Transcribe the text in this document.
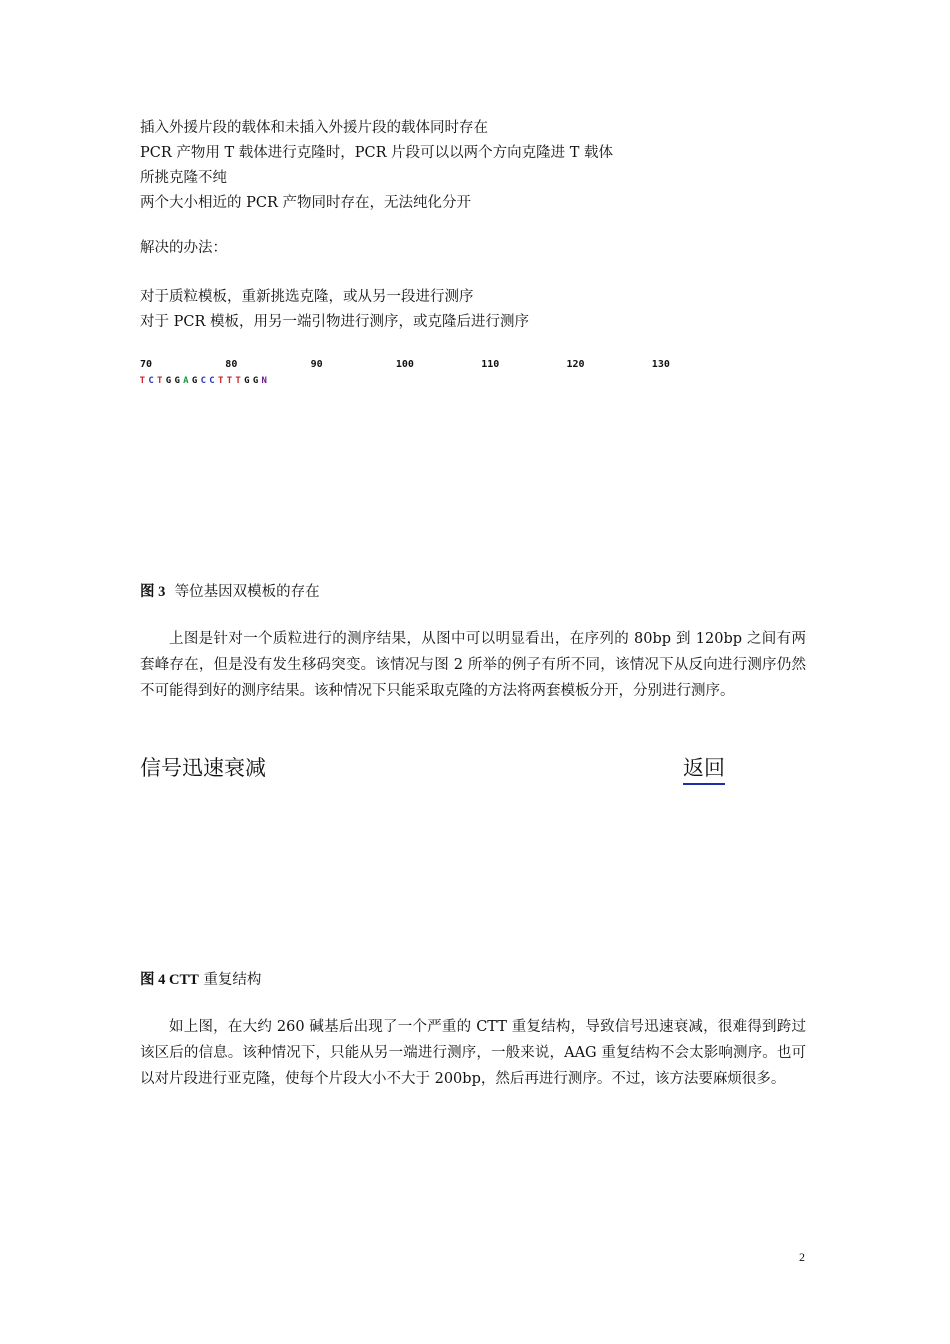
插入外援片段的载体和未插入外援片段的载体同时存在
PCR 产物用 T 载体进行克隆时，PCR 片段可以以两个方向克隆进 T 载体
所挑克隆不纯
两个大小相近的 PCR 产物同时存在，无法纯化分开
解决的办法：
对于质粒模板，重新挑选克隆，或从另一段进行测序
对于 PCR 模板，用另一端引物进行测序，或克隆后进行测序
70	80	90	100	110	120	130
T C T G G A G C C T T T G G N
图 3 等位基因双模板的存在

上图是针对一个质粒进行的测序结果，从图中可以明显看出，在序列的 80bp 到 120bp 之间有两套峰存在，但是没有发生移码突变。该情况与图 2 所举的例子有所不同，该情况下从反向进行测序仍然不可能得到好的测序结果。该种情况下只能采取克隆的方法将两套模板分开，分别进行测序。

信号迅速衰减	返回
图 4 CTT 重复结构

如上图，在大约 260 碱基后出现了一个严重的 CTT 重复结构，导致信号迅速衰减，很难得到跨过该区后的信息。该种情况下，只能从另一端进行测序，一般来说，AAG 重复结构不会太影响测序。也可以对片段进行亚克隆，使每个片段大小不大于 200bp，然后再进行测序。不过，该方法要麻烦很多。

2
